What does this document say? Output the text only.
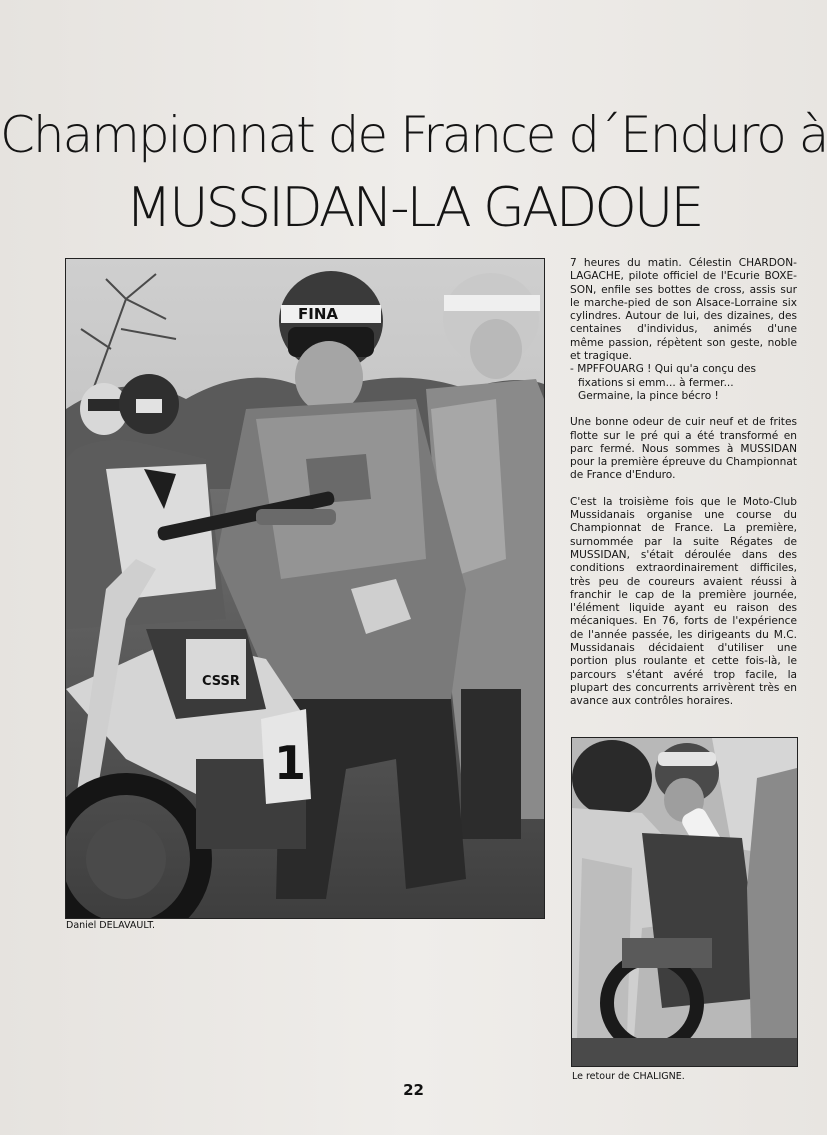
Championnat de France d´Enduro à
MUSSIDAN-LA GADOUE
FINA
CSSR
1
Daniel DELAVAULT.

7 heures du matin. Célestin CHARDON-LAGACHE, pilote officiel de l'Ecurie BOXE-SON, enfile ses bottes de cross, assis sur le marche-pied de son Alsace-Lorraine six cylindres. Autour de lui, des dizaines, des centaines d'individus, animés d'une même passion, répètent son geste, noble et tragique.
- MPFFOUARG ! Qui qu'a conçu des
fixations si emm... à fermer...
Germaine, la pince bécro !

Une bonne odeur de cuir neuf et de frites flotte sur le pré qui a été transformé en parc fermé. Nous sommes à MUSSIDAN pour la première épreuve du Championnat de France d'Enduro.

C'est la troisième fois que le Moto-Club Mussidanais organise une course du Championnat de France. La première, surnommée par la suite Régates de MUSSIDAN, s'était déroulée dans des conditions extraordinairement difficiles, très peu de coureurs avaient réussi à franchir le cap de la première journée, l'élément liquide ayant eu raison des mécaniques. En 76, forts de l'expérience de l'année passée, les dirigeants du M.C. Mussidanais décidaient d'utiliser une portion plus roulante et cette fois-là, le parcours s'étant avéré trop facile, la plupart des concurrents arrivèrent très en avance aux contrôles horaires.

Le retour de CHALIGNE.
22
